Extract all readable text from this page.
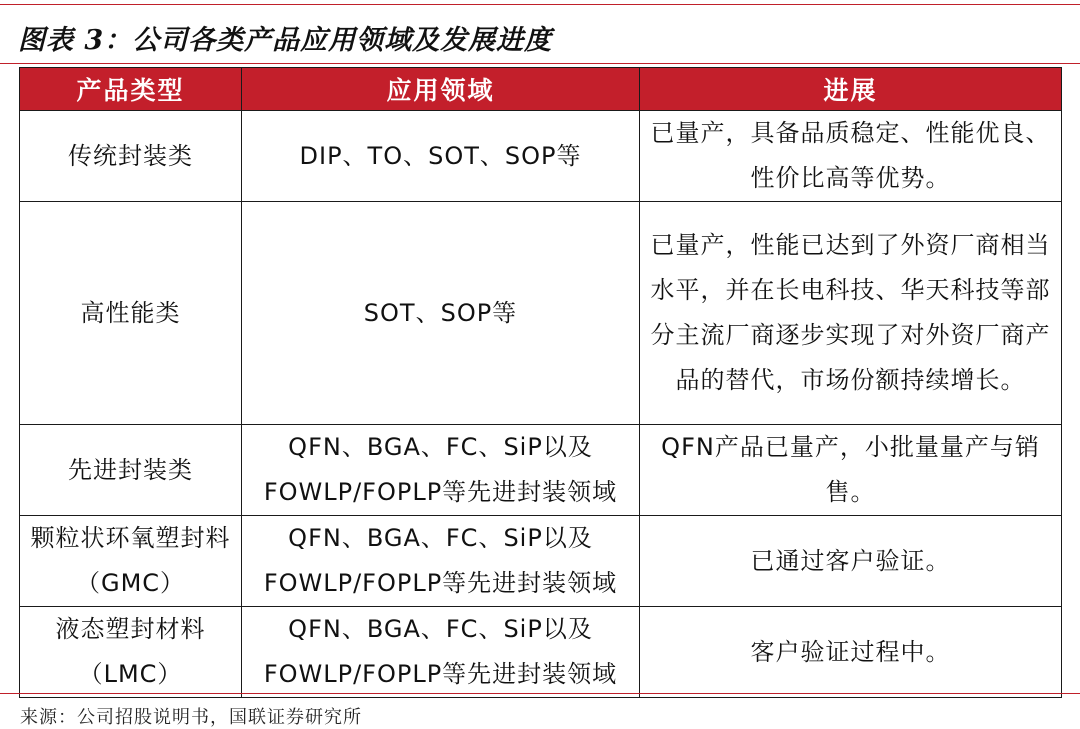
图表 3：公司各类产品应用领域及发展进度
产品类型	应用领域	进展
传统封装类	DIP、TO、SOT、SOP等	已量产，具备品质稳定、性能优良、性价比高等优势。
高性能类	SOT、SOP等	已量产，性能已达到了外资厂商相当水平，并在长电科技、华天科技等部分主流厂商逐步实现了对外资厂商产品的替代，市场份额持续增长。
先进封装类	QFN、BGA、FC、SiP以及FOWLP/FOPLP等先进封装领域	QFN产品已量产，小批量量产与销售。
颗粒状环氧塑封料（GMC）	QFN、BGA、FC、SiP以及FOWLP/FOPLP等先进封装领域	已通过客户验证。
液态塑封材料（LMC）	QFN、BGA、FC、SiP以及FOWLP/FOPLP等先进封装领域	客户验证过程中。
来源：公司招股说明书，国联证券研究所
